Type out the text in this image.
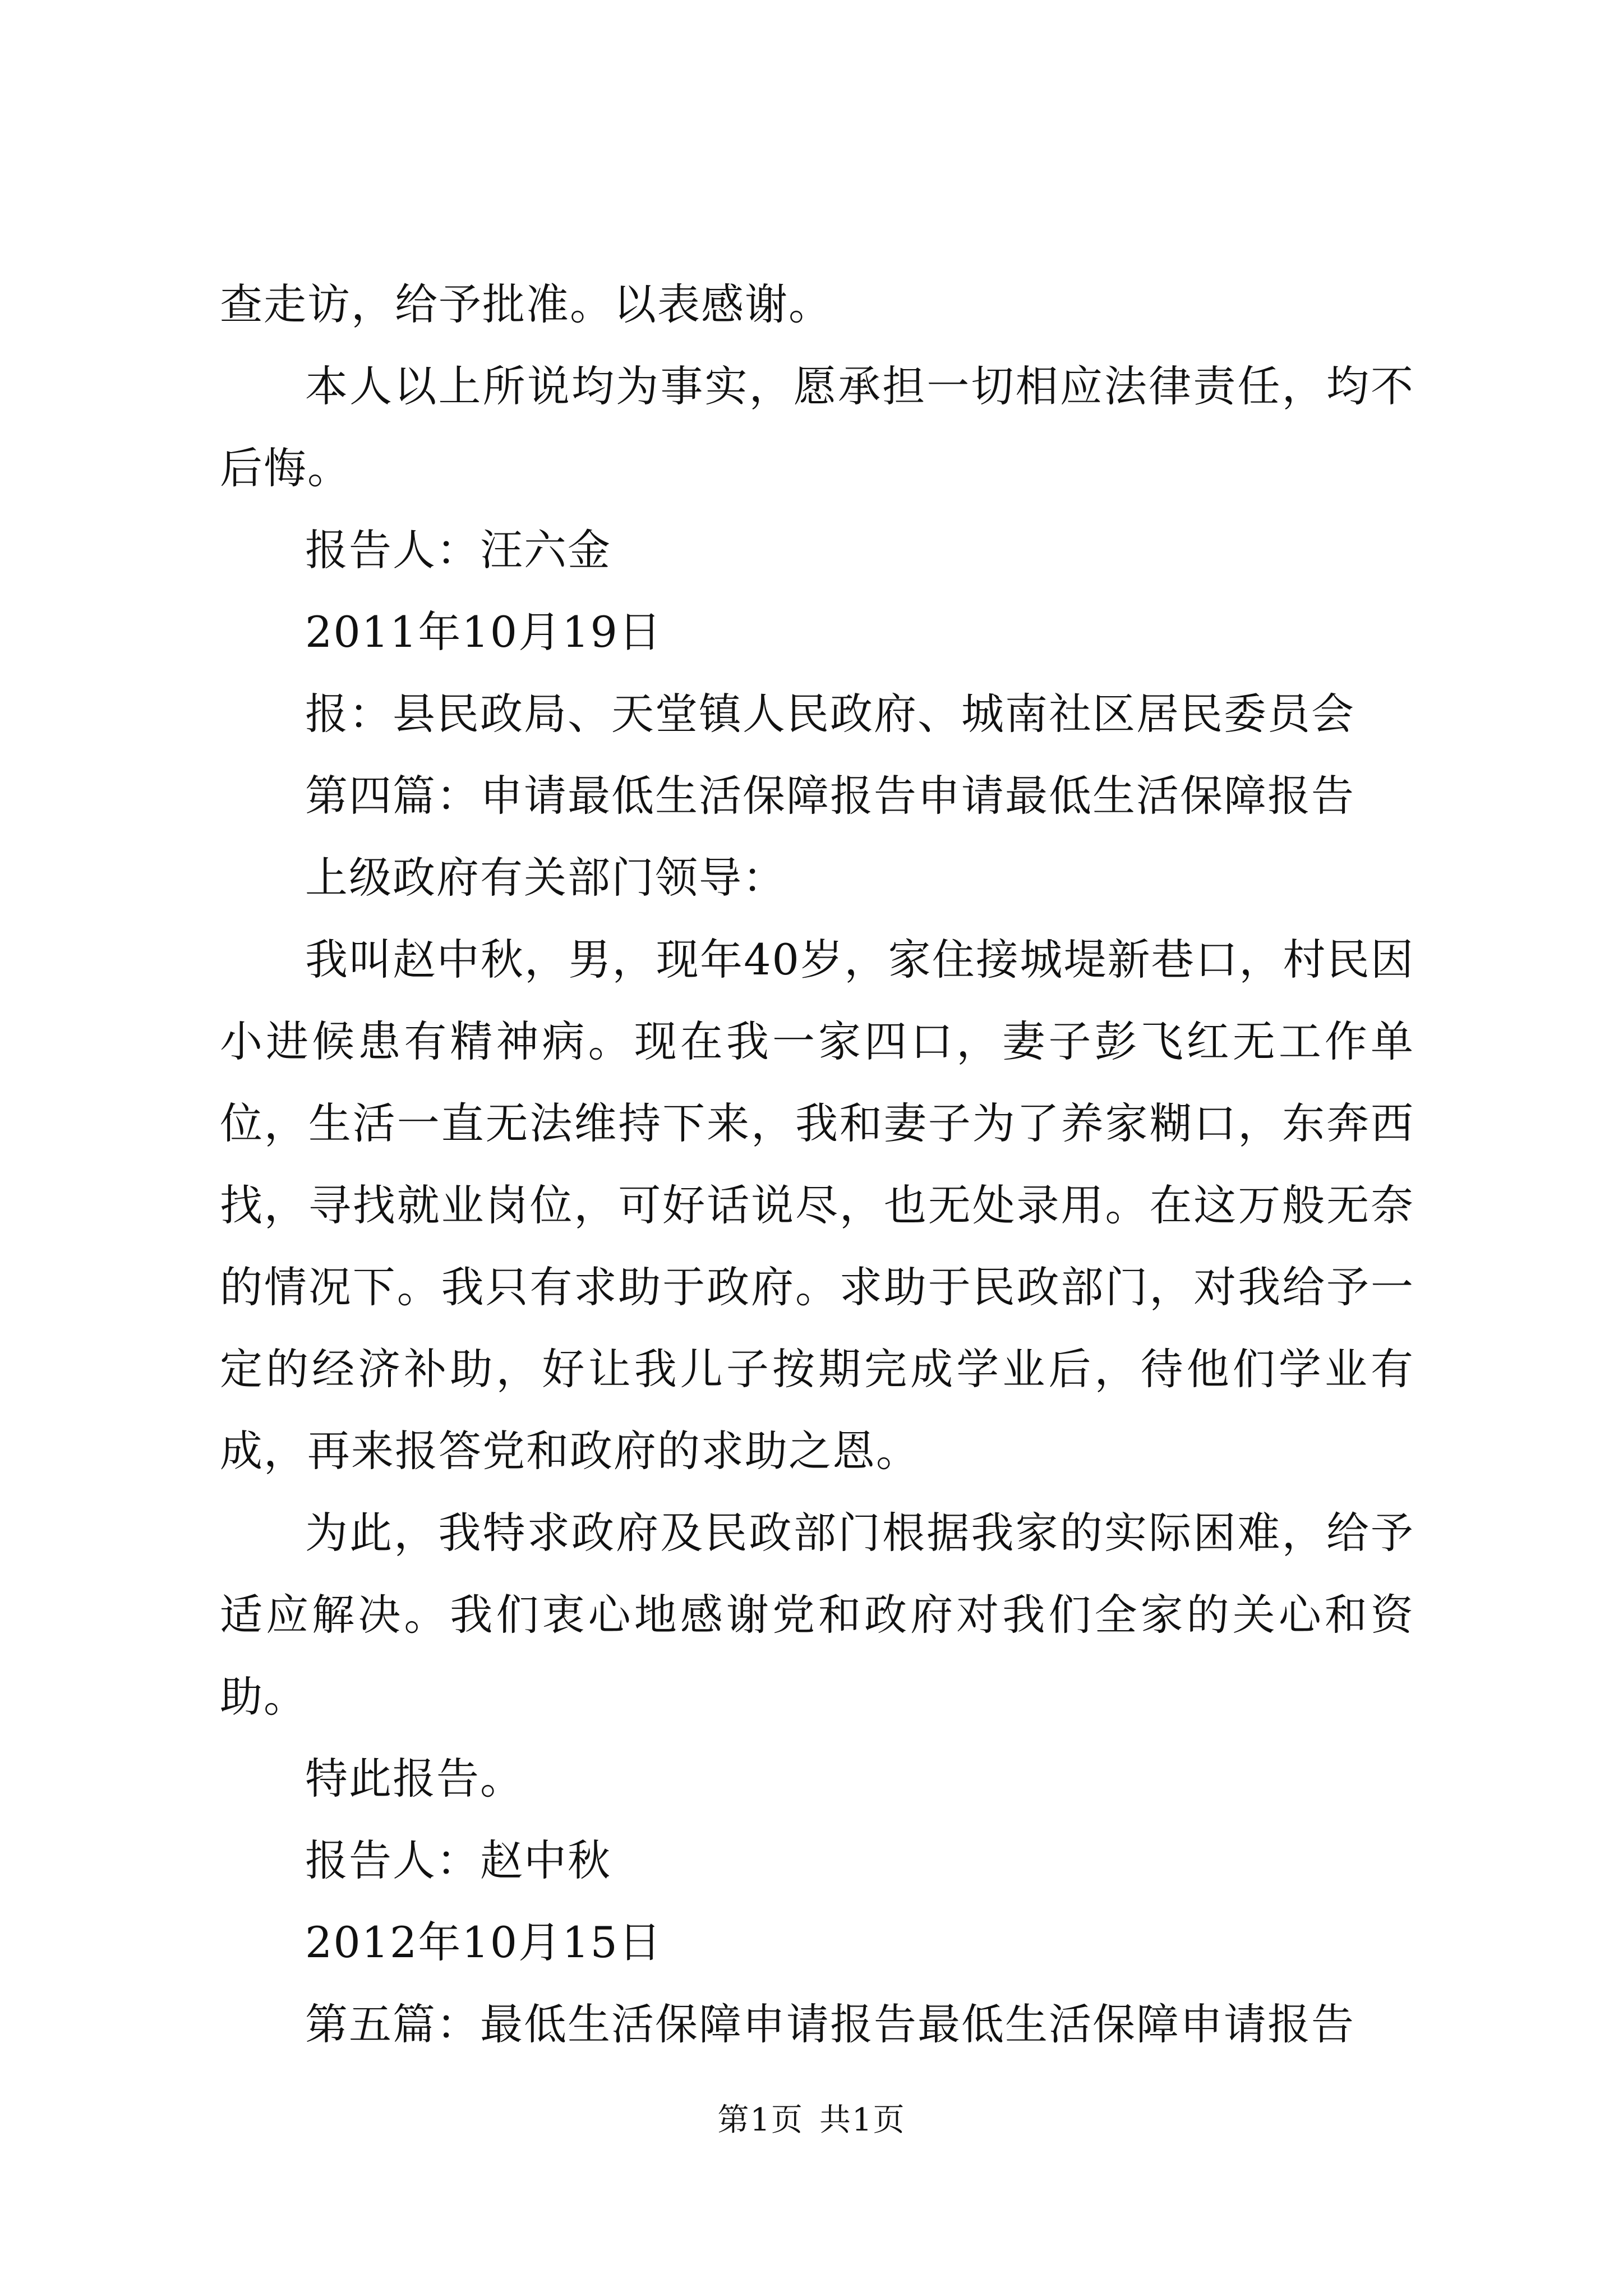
查走访，给予批准。以表感谢。

本人以上所说均为事实，愿承担一切相应法律责任，均不后悔。

报告人：汪六金

2011年10月19日

报：县民政局、天堂镇人民政府、城南社区居民委员会

第四篇：申请最低生活保障报告申请最低生活保障报告

上级政府有关部门领导：

我叫赵中秋，男，现年40岁，家住接城堤新巷口，村民因小进候患有精神病。现在我一家四口，妻子彭飞红无工作单位，生活一直无法维持下来，我和妻子为了养家糊口，东奔西找，寻找就业岗位，可好话说尽，也无处录用。在这万般无奈的情况下。我只有求助于政府。求助于民政部门，对我给予一定的经济补助，好让我儿子按期完成学业后，待他们学业有成，再来报答党和政府的求助之恩。

为此，我特求政府及民政部门根据我家的实际困难，给予适应解决。我们衷心地感谢党和政府对我们全家的关心和资助。

特此报告。

报告人：赵中秋

2012年10月15日

第五篇：最低生活保障申请报告最低生活保障申请报告

第1页 共1页
